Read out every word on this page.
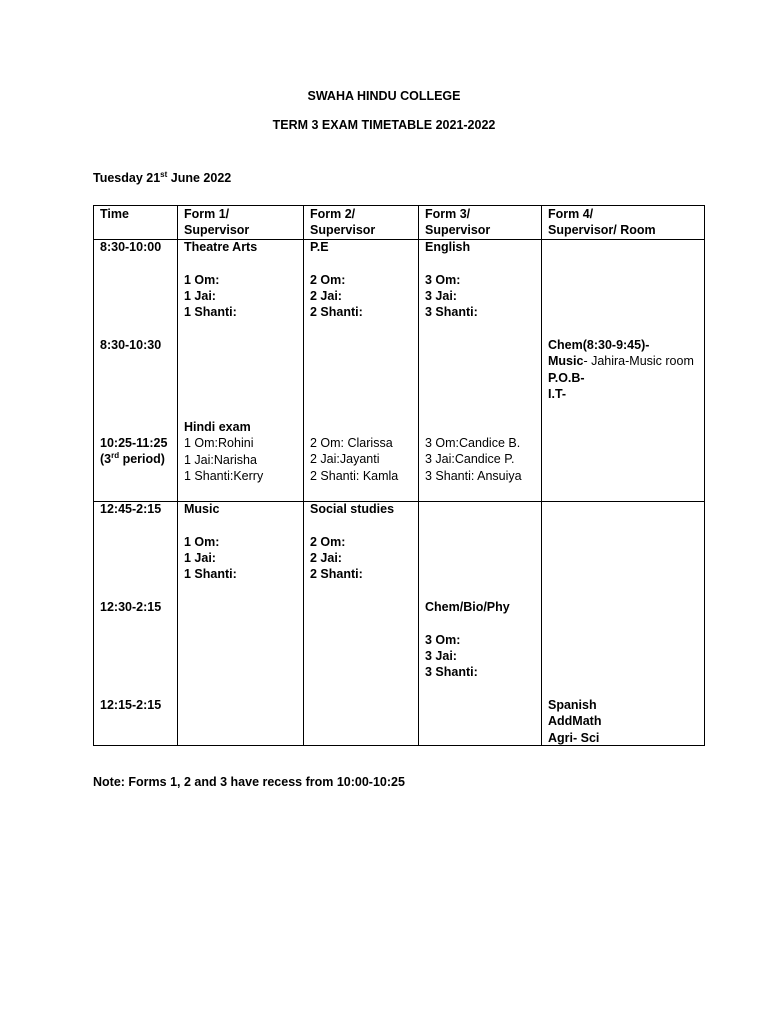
SWAHA HINDU COLLEGE
TERM 3 EXAM TIMETABLE 2021-2022
Tuesday 21st June 2022
Time	Form 1/
Supervisor
Form 2/
Supervisor
Form 3/
Supervisor
Form 4/
Supervisor/ Room
8:30-10:00
8:30-10:30
10:25-11:25
(3rd period)
12:45-2:15
12:30-2:15
12:15-2:15
Theatre Arts
1 Om:
1 Jai:
1 Shanti:
Hindi exam
1 Om:Rohini
1 Jai:Narisha
1 Shanti:Kerry
P.E
2 Om:
2 Jai:
2 Shanti:
2 Om: Clarissa
2 Jai:Jayanti
2 Shanti: Kamla
English
3 Om:
3 Jai:
3 Shanti:
3 Om:Candice B.
3 Jai:Candice P.
3 Shanti: Ansuiya
Chem(8:30-9:45)-
Music- Jahira-Music room
P.O.B-
I.T-
Music
1 Om:
1 Jai:
1 Shanti:
Social studies
2 Om:
2 Jai:
2 Shanti:
Chem/Bio/Phy
3 Om:
3 Jai:
3 Shanti:
Spanish
AddMath
Agri- Sci
Note: Forms 1, 2 and 3 have recess from 10:00-10:25
